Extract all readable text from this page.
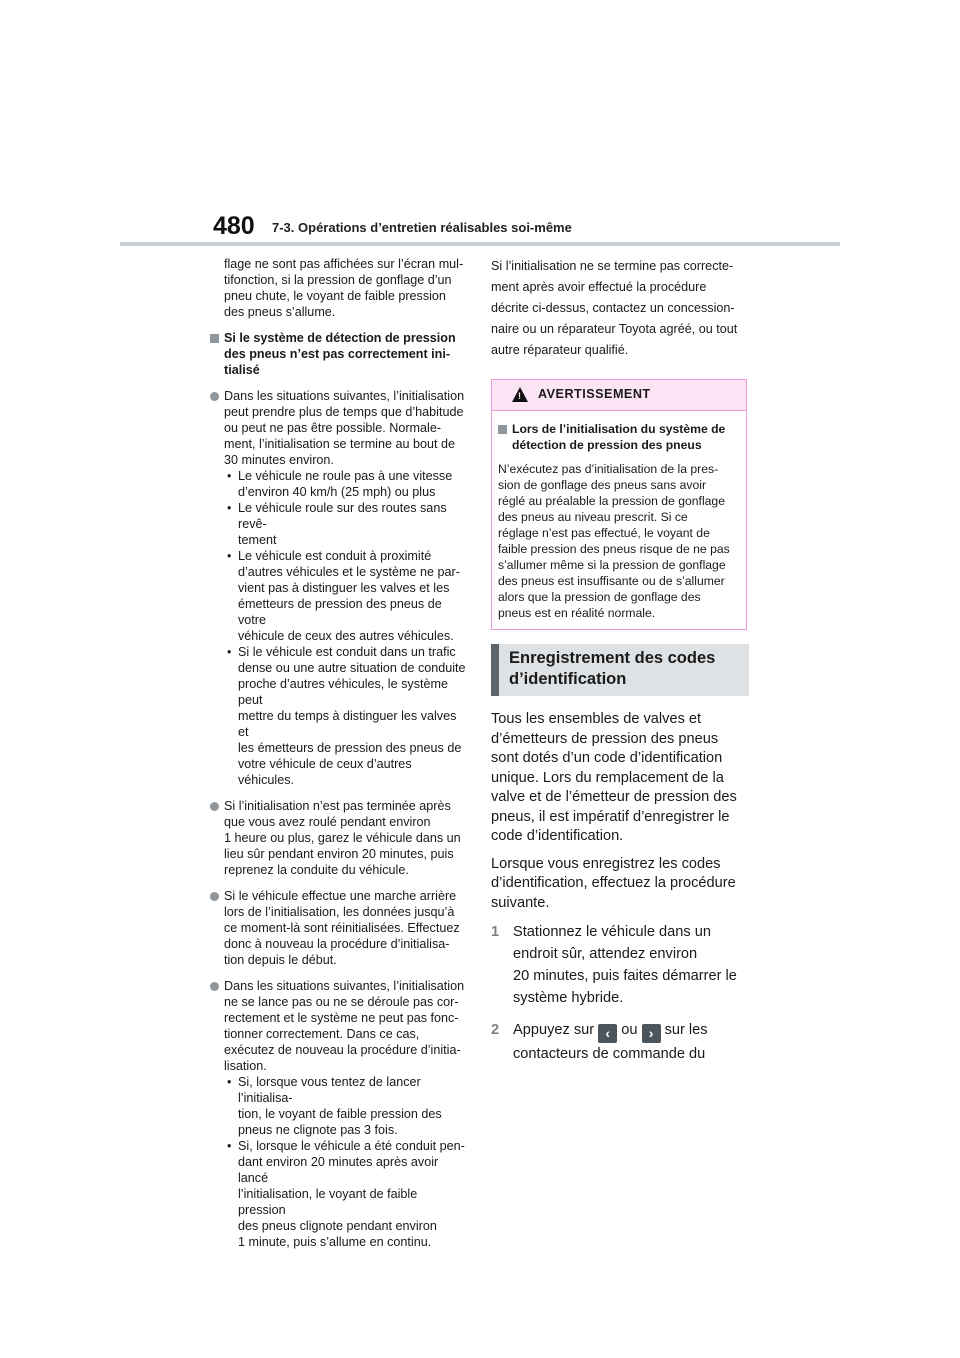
480 7-3. Opérations d’entretien réalisables soi-même
flage ne sont pas affichées sur l’écran mul-
tifonction, si la pression de gonflage d’un
pneu chute, le voyant de faible pression
des pneus s’allume.
Si le système de détection de pression
des pneus n’est pas correctement ini-
tialisé
Dans les situations suivantes, l’initialisation
peut prendre plus de temps que d’habitude
ou peut ne pas être possible. Normale-
ment, l’initialisation se termine au bout de
30 minutes environ.
• Le véhicule ne roule pas à une vitesse
d’environ 40 km/h (25 mph) ou plus
• Le véhicule roule sur des routes sans revê-
tement
• Le véhicule est conduit à proximité
d’autres véhicules et le système ne par-
vient pas à distinguer les valves et les
émetteurs de pression des pneus de votre
véhicule de ceux des autres véhicules.
• Si le véhicule est conduit dans un trafic
dense ou une autre situation de conduite
proche d’autres véhicules, le système peut
mettre du temps à distinguer les valves et
les émetteurs de pression des pneus de
votre véhicule de ceux d’autres véhicules.
Si l’initialisation n’est pas terminée après
que vous avez roulé pendant environ
1 heure ou plus, garez le véhicule dans un
lieu sûr pendant environ 20 minutes, puis
reprenez la conduite du véhicule.
Si le véhicule effectue une marche arrière
lors de l’initialisation, les données jusqu’à
ce moment-là sont réinitialisées. Effectuez
donc à nouveau la procédure d’initialisa-
tion depuis le début.
Dans les situations suivantes, l’initialisation
ne se lance pas ou ne se déroule pas cor-
rectement et le système ne peut pas fonc-
tionner correctement. Dans ce cas,
exécutez de nouveau la procédure d’initia-
lisation.
• Si, lorsque vous tentez de lancer l’initialisa-
tion, le voyant de faible pression des
pneus ne clignote pas 3 fois.
• Si, lorsque le véhicule a été conduit pen-
dant environ 20 minutes après avoir lancé
l’initialisation, le voyant de faible pression
des pneus clignote pendant environ
1 minute, puis s’allume en continu.
Si l’initialisation ne se termine pas correcte-
ment après avoir effectué la procédure
décrite ci-dessus, contactez un concession-
naire ou un réparateur Toyota agréé, ou tout
autre réparateur qualifié.
! AVERTISSEMENT
Lors de l’initialisation du système de
détection de pression des pneus
N’exécutez pas d’initialisation de la pres-
sion de gonflage des pneus sans avoir
réglé au préalable la pression de gonflage
des pneus au niveau prescrit. Si ce
réglage n’est pas effectué, le voyant de
faible pression des pneus risque de ne pas
s’allumer même si la pression de gonflage
des pneus est insuffisante ou de s’allumer
alors que la pression de gonflage des
pneus est en réalité normale.
Enregistrement des codes
d’identification
Tous les ensembles de valves et
d’émetteurs de pression des pneus
sont dotés d’un code d’identification
unique. Lors du remplacement de la
valve et de l’émetteur de pression des
pneus, il est impératif d’enregistrer le
code d’identification.
Lorsque vous enregistrez les codes
d’identification, effectuez la procédure
suivante.
1 Stationnez le véhicule dans un
endroit sûr, attendez environ
20 minutes, puis faites démarrer le
système hybride.
2 Appuyez sur ‹ ou › sur les
contacteurs de commande du
